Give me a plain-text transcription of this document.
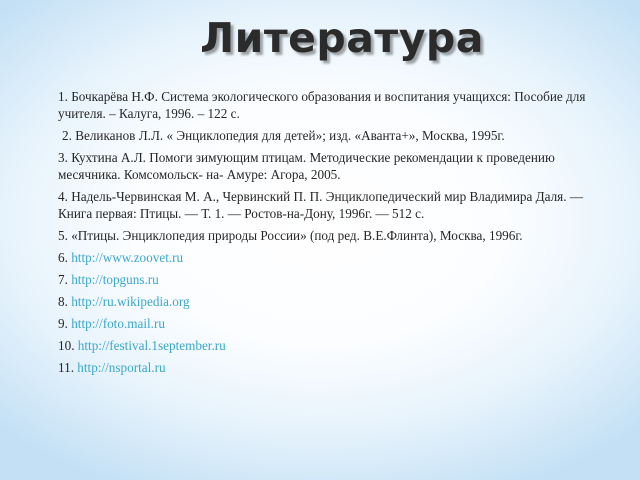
Литература

1. Бочкарёва Н.Ф. Система экологического образования и воспитания учащихся: Пособие для учителя. – Калуга, 1996. – 122 с.

2. Великанов Л.Л. « Энциклопедия для детей»; изд. «Аванта+», Москва, 1995г.

3. Кухтина А.Л. Помоги зимующим птицам. Методические рекомендации к проведению месячника. Комсомольск- на- Амуре: Агора, 2005.

4. Надель-Червинская М. А., Червинский П. П. Энциклопедический мир Владимира Даля. — Книга первая: Птицы. — Т. 1. — Ростов-на-Дону, 1996г. — 512 с.

5. «Птицы. Энциклопедия природы России» (под ред. В.Е.Флинта), Москва, 1996г.

6. http://www.zoovet.ru

7. http://topguns.ru

8. http://ru.wikipedia.org

9. http://foto.mail.ru

10. http://festival.1september.ru

11. http://nsportal.ru
